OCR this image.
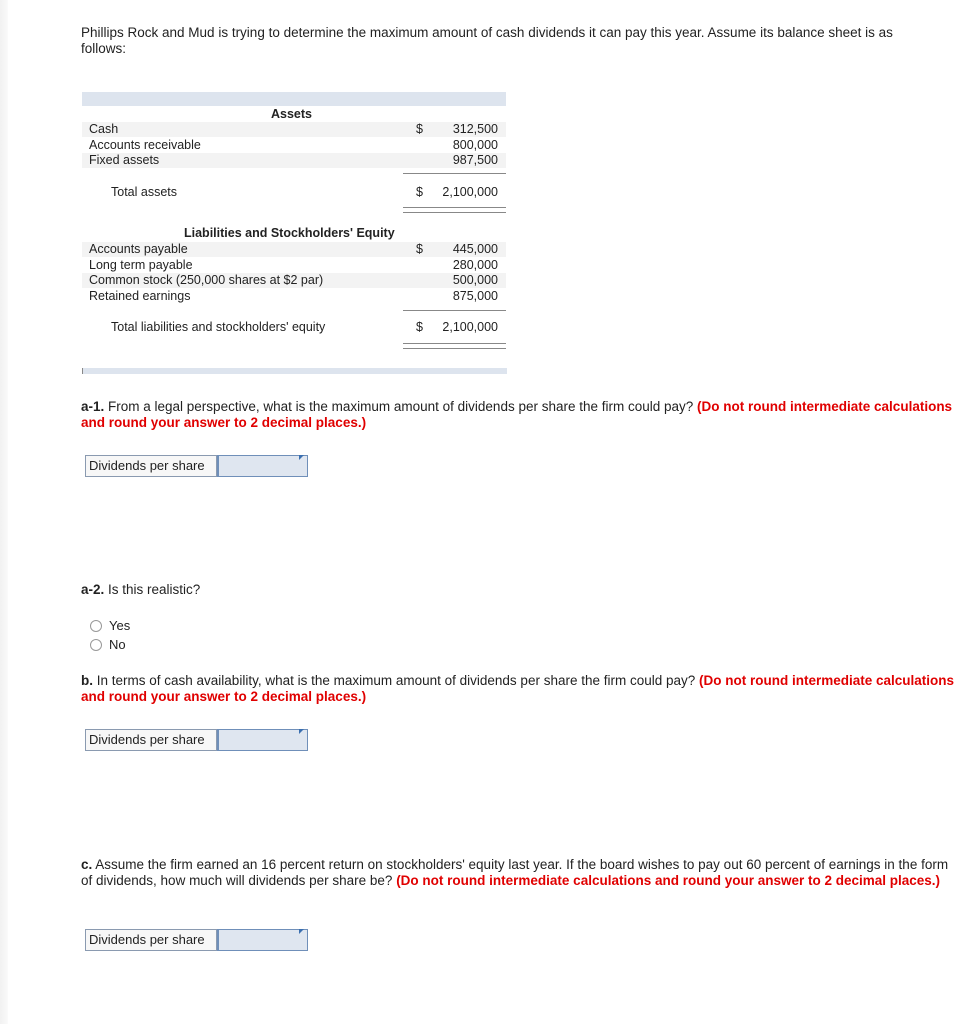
Phillips Rock and Mud is trying to determine the maximum amount of cash dividends it can pay this year. Assume its balance sheet is as follows:
Assets
Cash	$ 312,500
Accounts receivable	800,000
Fixed assets	987,500
Total assets	$ 2,100,000
Liabilities and Stockholders' Equity
Accounts payable	$ 445,000
Long term payable	280,000
Common stock (250,000 shares at $2 par)	500,000
Retained earnings	875,000
Total liabilities and stockholders' equity	$ 2,100,000
a-1. From a legal perspective, what is the maximum amount of dividends per share the firm could pay? (Do not round intermediate calculations and round your answer to 2 decimal places.)
Dividends per share
a-2. Is this realistic?
Yes
No
b. In terms of cash availability, what is the maximum amount of dividends per share the firm could pay? (Do not round intermediate calculations and round your answer to 2 decimal places.)
Dividends per share
c. Assume the firm earned an 16 percent return on stockholders' equity last year. If the board wishes to pay out 60 percent of earnings in the form of dividends, how much will dividends per share be? (Do not round intermediate calculations and round your answer to 2 decimal places.)
Dividends per share
